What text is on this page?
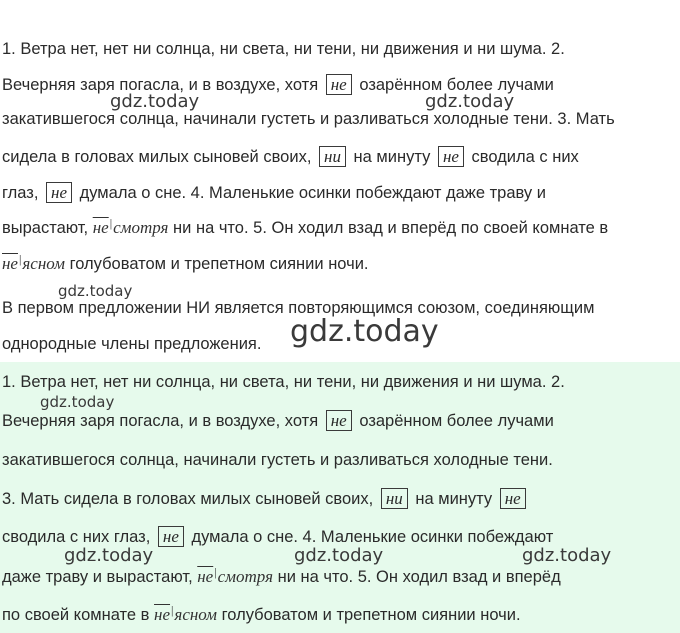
1. Ветра нет, нет ни солнца, ни света, ни тени, ни движения и ни шума. 2.
Вечерняя заря погасла, и в воздухе, хотя не озарённом более лучами
gdz.today	gdz.today
закатившегося солнца, начинали густеть и разливаться холодные тени. 3. Мать
сидела в головах милых сыновей своих, ни на минуту не сводила с них
глаз, не думала о сне. 4. Маленькие осинки побеждают даже траву и
вырастают, не|смотря ни на что. 5. Он ходил взад и вперёд по своей комнате в
не|ясном голубоватом и трепетном сиянии ночи.
gdz.today
В первом предложении НИ является повторяющимся союзом, соединяющим
однородные члены предложения. gdz.today
1. Ветра нет, нет ни солнца, ни света, ни тени, ни движения и ни шума. 2.
gdz.today
Вечерняя заря погасла, и в воздухе, хотя не озарённом более лучами
закатившегося солнца, начинали густеть и разливаться холодные тени.
3. Мать сидела в головах милых сыновей своих, ни на минуту не
сводила с них глаз, не думала о сне. 4. Маленькие осинки побеждают
gdz.today	gdz.today	gdz.today
даже траву и вырастают, не|смотря ни на что. 5. Он ходил взад и вперёд
по своей комнате в не|ясном голубоватом и трепетном сиянии ночи.
